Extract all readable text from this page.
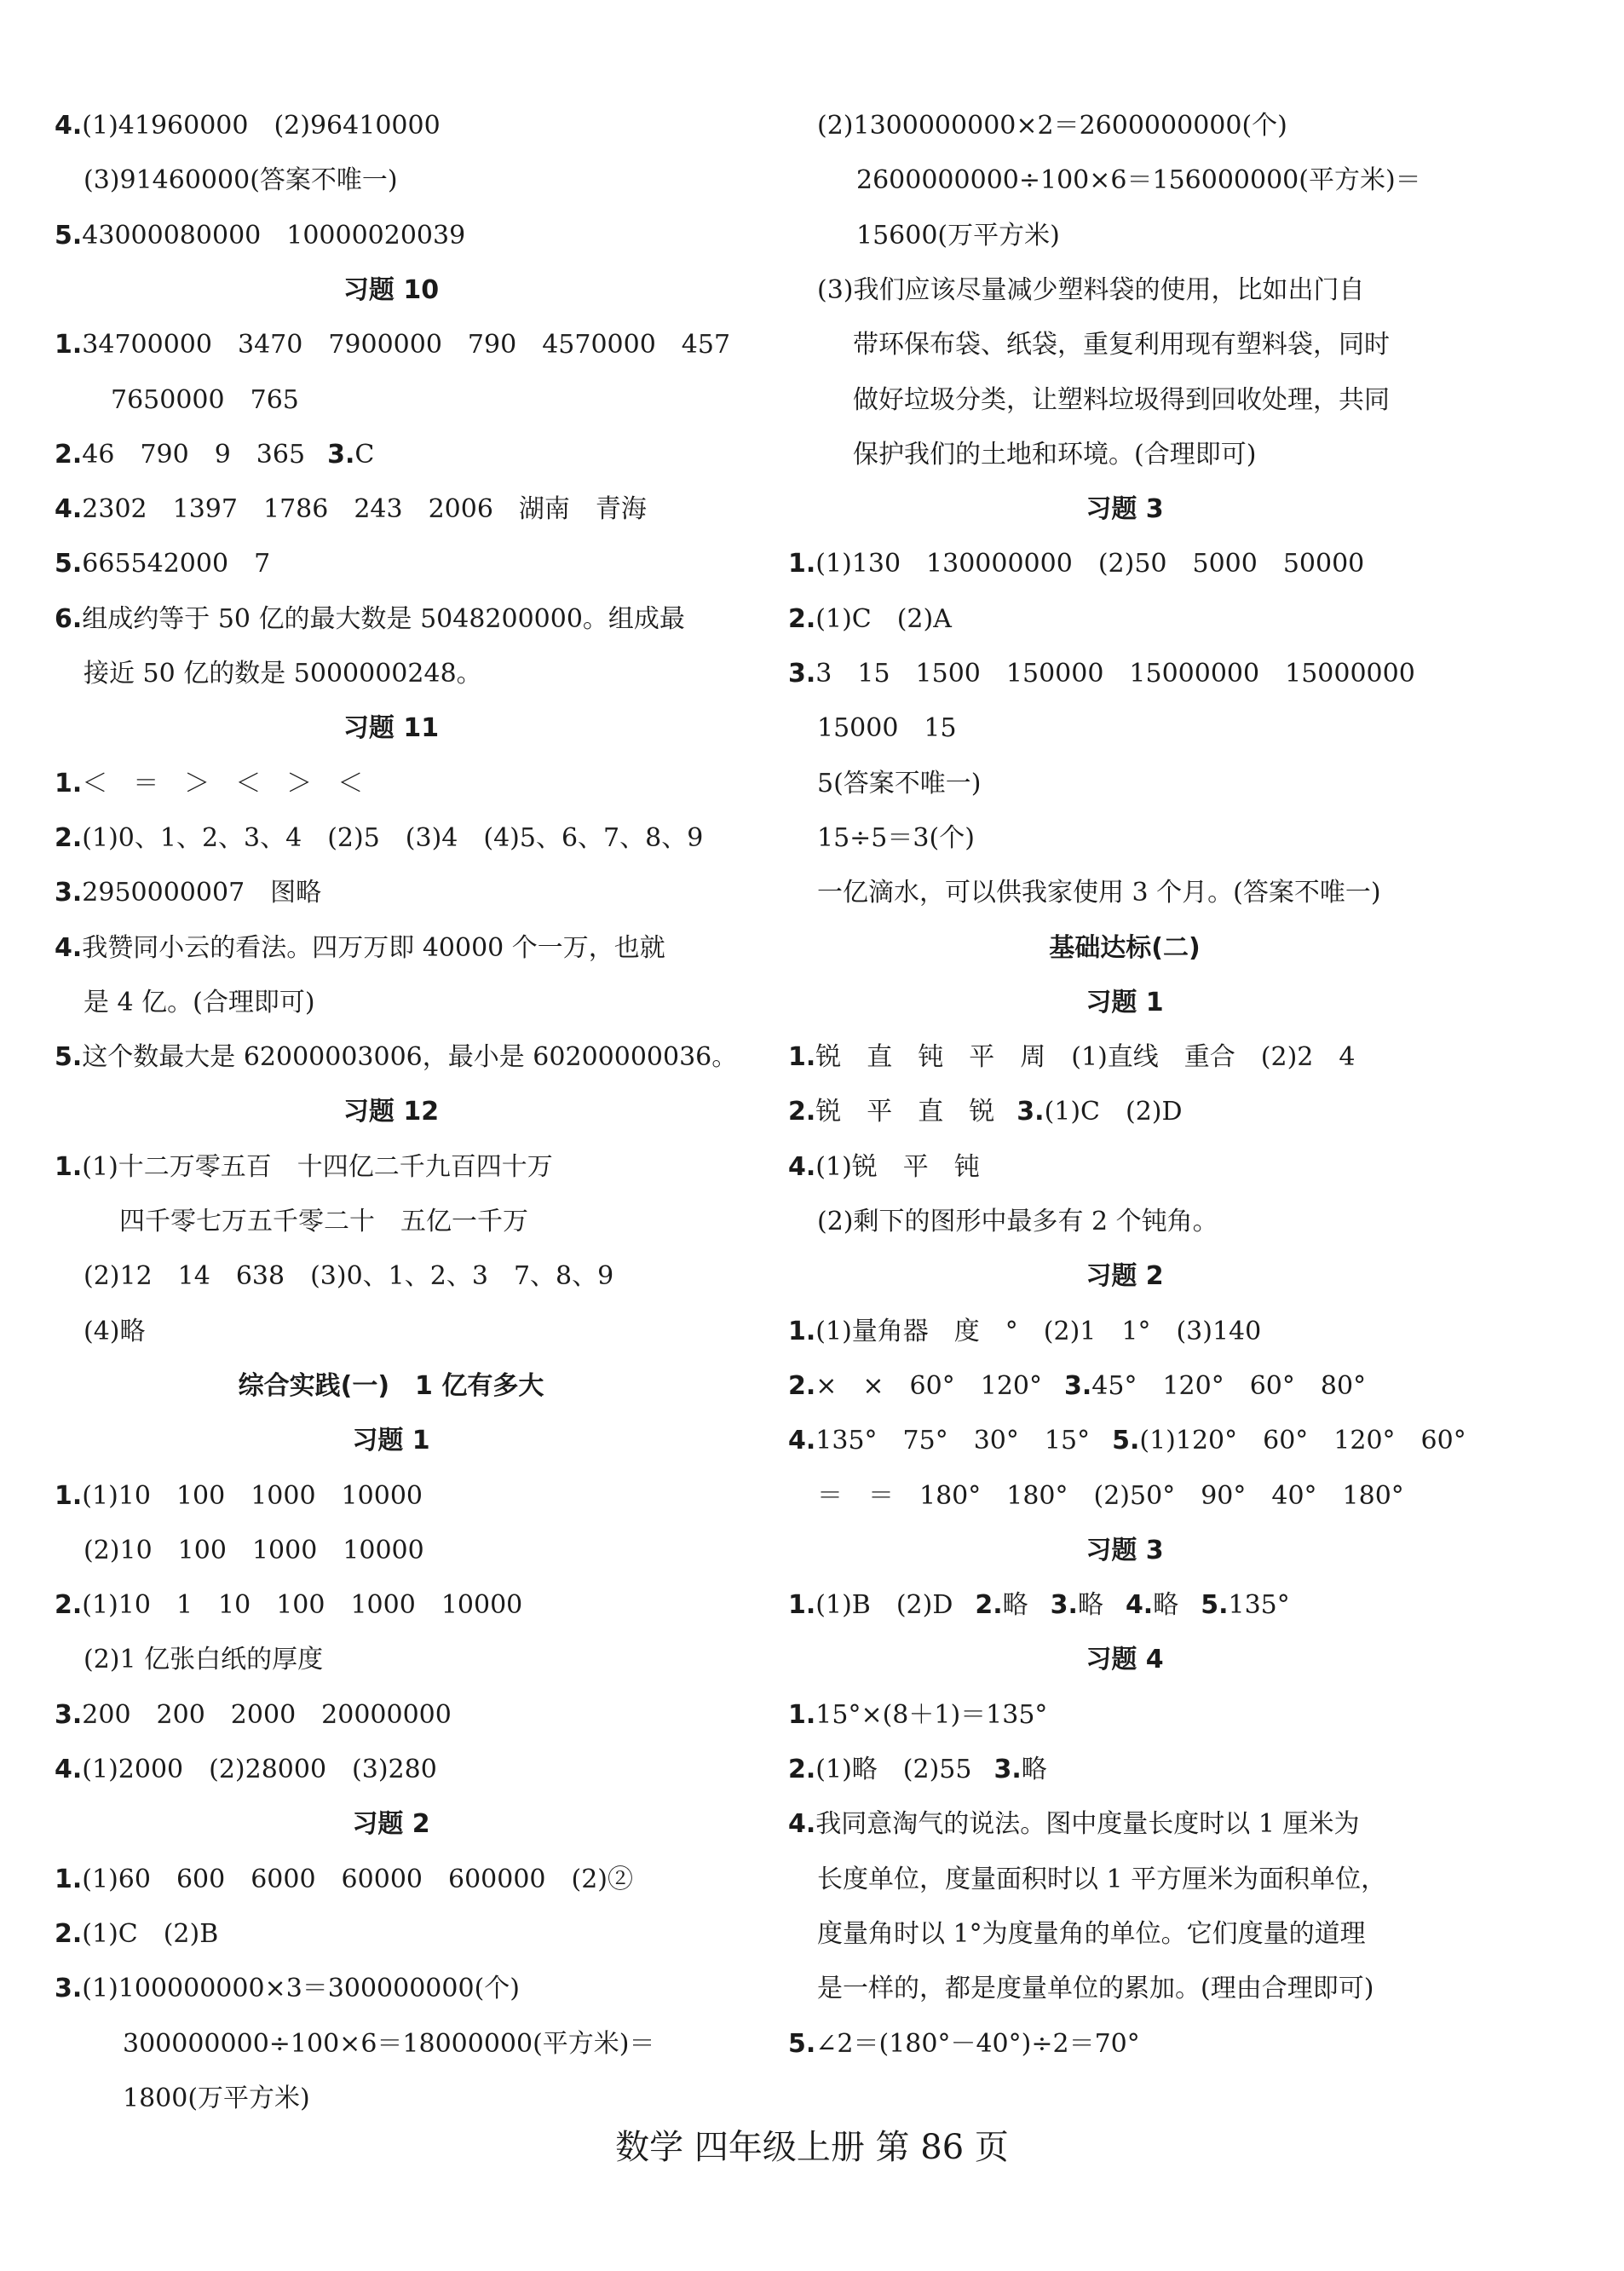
4.(1)41960000　(2)96410000
(3)91460000(答案不唯一)
5.43000080000　10000020039
习题 10
1.34700000　3470　7900000　790　4570000　457
7650000　765
2.46　790　9　365 3.C
4.2302　1397　1786　243　2006　湖南　青海
5.665542000　7
6.组成约等于 50 亿的最大数是 5048200000。组成最
接近 50 亿的数是 5000000248。
习题 11
1.＜　＝　＞　＜　＞　＜
2.(1)0、1、2、3、4　(2)5　(3)4　(4)5、6、7、8、9
3.2950000007　图略
4.我赞同小云的看法。四万万即 40000 个一万，也就
是 4 亿。(合理即可)
5.这个数最大是 62000003006，最小是 60200000036。
习题 12
1.(1)十二万零五百　十四亿二千九百四十万
四千零七万五千零二十　五亿一千万
(2)12　14　638　(3)0、1、2、3　7、8、9
(4)略
综合实践(一)　1 亿有多大
习题 1
1.(1)10　100　1000　10000
(2)10　100　1000　10000
2.(1)10　1　10　100　1000　10000
(2)1 亿张白纸的厚度
3.200　200　2000　20000000
4.(1)2000　(2)28000　(3)280
习题 2
1.(1)60　600　6000　60000　600000　(2)②
2.(1)C　(2)B
3.(1)100000000×3＝300000000(个)
300000000÷100×6＝18000000(平方米)＝
1800(万平方米)
(2)1300000000×2＝2600000000(个)
2600000000÷100×6＝156000000(平方米)＝
15600(万平方米)
(3)我们应该尽量减少塑料袋的使用，比如出门自
带环保布袋、纸袋，重复利用现有塑料袋，同时
做好垃圾分类，让塑料垃圾得到回收处理，共同
保护我们的土地和环境。(合理即可)
习题 3
1.(1)130　130000000　(2)50　5000　50000
2.(1)C　(2)A
3.3　15　1500　150000　15000000　15000000
15000　15
5(答案不唯一)
15÷5＝3(个)
一亿滴水，可以供我家使用 3 个月。(答案不唯一)
基础达标(二)
习题 1
1.锐　直　钝　平　周　(1)直线　重合　(2)2　4
2.锐　平　直　锐 3.(1)C　(2)D
4.(1)锐　平　钝
(2)剩下的图形中最多有 2 个钝角。
习题 2
1.(1)量角器　度　°　(2)1　1°　(3)140
2.×　×　60°　120° 3.45°　120°　60°　80°
4.135°　75°　30°　15° 5.(1)120°　60°　120°　60°
＝　＝　180°　180°　(2)50°　90°　40°　180°
习题 3
1.(1)B　(2)D 2.略 3.略 4.略 5.135°
习题 4
1.15°×(8＋1)＝135°
2.(1)略　(2)55 3.略
4.我同意淘气的说法。图中度量长度时以 1 厘米为
长度单位，度量面积时以 1 平方厘米为面积单位，
度量角时以 1°为度量角的单位。它们度量的道理
是一样的，都是度量单位的累加。(理由合理即可)
5.∠2＝(180°－40°)÷2＝70°
数学 四年级上册 第 86 页
